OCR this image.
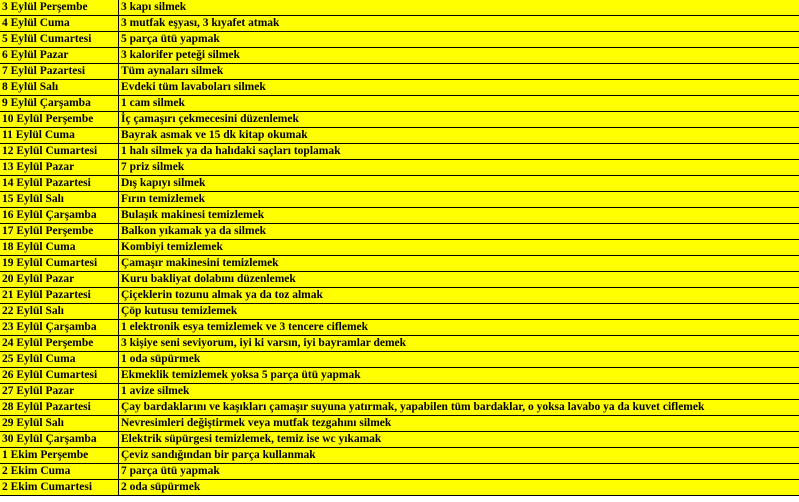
3 Eylül Perşembe	3 kapı silmek
4 Eylül Cuma	3 mutfak eşyası, 3 kıyafet atmak
5 Eylül Cumartesi	5 parça ütü yapmak
6 Eylül Pazar	3 kalorifer peteği silmek
7 Eylül Pazartesi	Tüm aynaları silmek
8 Eylül Salı	Evdeki tüm lavaboları silmek
9 Eylül Çarşamba	1 cam silmek
10 Eylül Perşembe	İç çamaşırı çekmecesini düzenlemek
11 Eylül Cuma	Bayrak asmak ve 15 dk kitap okumak
12 Eylül Cumartesi	1 halı silmek ya da halıdaki saçları toplamak
13 Eylül Pazar	7 priz silmek
14 Eylül Pazartesi	Dış kapıyı silmek
15 Eylül Salı	Fırın temizlemek
16 Eylül Çarşamba	Bulaşık makinesi temizlemek
17 Eylül Perşembe	Balkon yıkamak ya da silmek
18 Eylül Cuma	Kombiyi temizlemek
19 Eylül Cumartesi	Çamaşır makinesini temizlemek
20 Eylül Pazar	Kuru bakliyat dolabını düzenlemek
21 Eylül Pazartesi	Çiçeklerin tozunu almak ya da toz almak
22 Eylül Salı	Çöp kutusu temizlemek
23 Eylül Çarşamba	1 elektronik esya temizlemek ve 3 tencere ciflemek
24 Eylül Perşembe	3 kişiye seni seviyorum, iyi ki varsın, iyi bayramlar demek
25 Eylül Cuma	1 oda süpürmek
26 Eylül Cumartesi	Ekmeklik temizlemek yoksa 5 parça ütü yapmak
27 Eylül Pazar	1 avize silmek
28 Eylül Pazartesi	Çay bardaklarını ve kaşıkları çamaşır suyuna yatırmak, yapabilen tüm bardaklar, o yoksa lavabo ya da kuvet ciflemek
29 Eylül Salı	Nevresimleri değiştirmek veya mutfak tezgahını silmek
30 Eylül Çarşamba	Elektrik süpürgesi temizlemek, temiz ise wc yıkamak
1 Ekim Perşembe	Çeviz sandığından bir parça kullanmak
2 Ekim Cuma	7 parça ütü yapmak
2 Ekim Cumartesi	2 oda süpürmek
